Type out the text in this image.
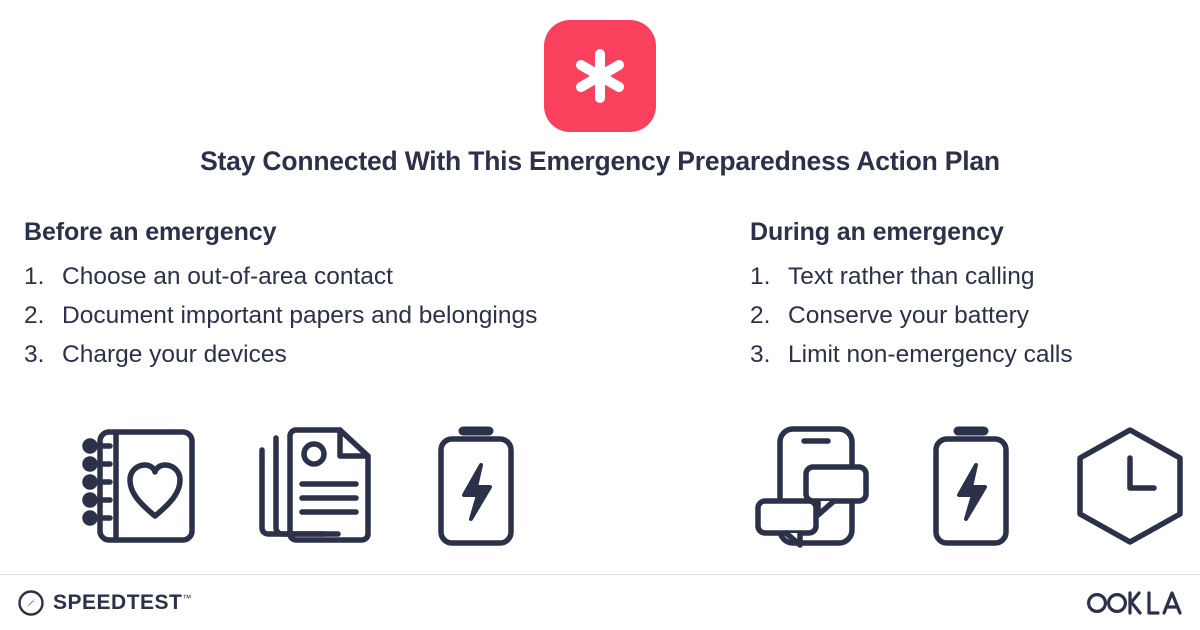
Stay Connected With This Emergency Preparedness Action Plan
Before an emergency
Choose an out-of-area contact
Document important papers and belongings
Charge your devices
During an emergency
Text rather than calling
Conserve your battery
Limit non-emergency calls
SPEEDTEST™
